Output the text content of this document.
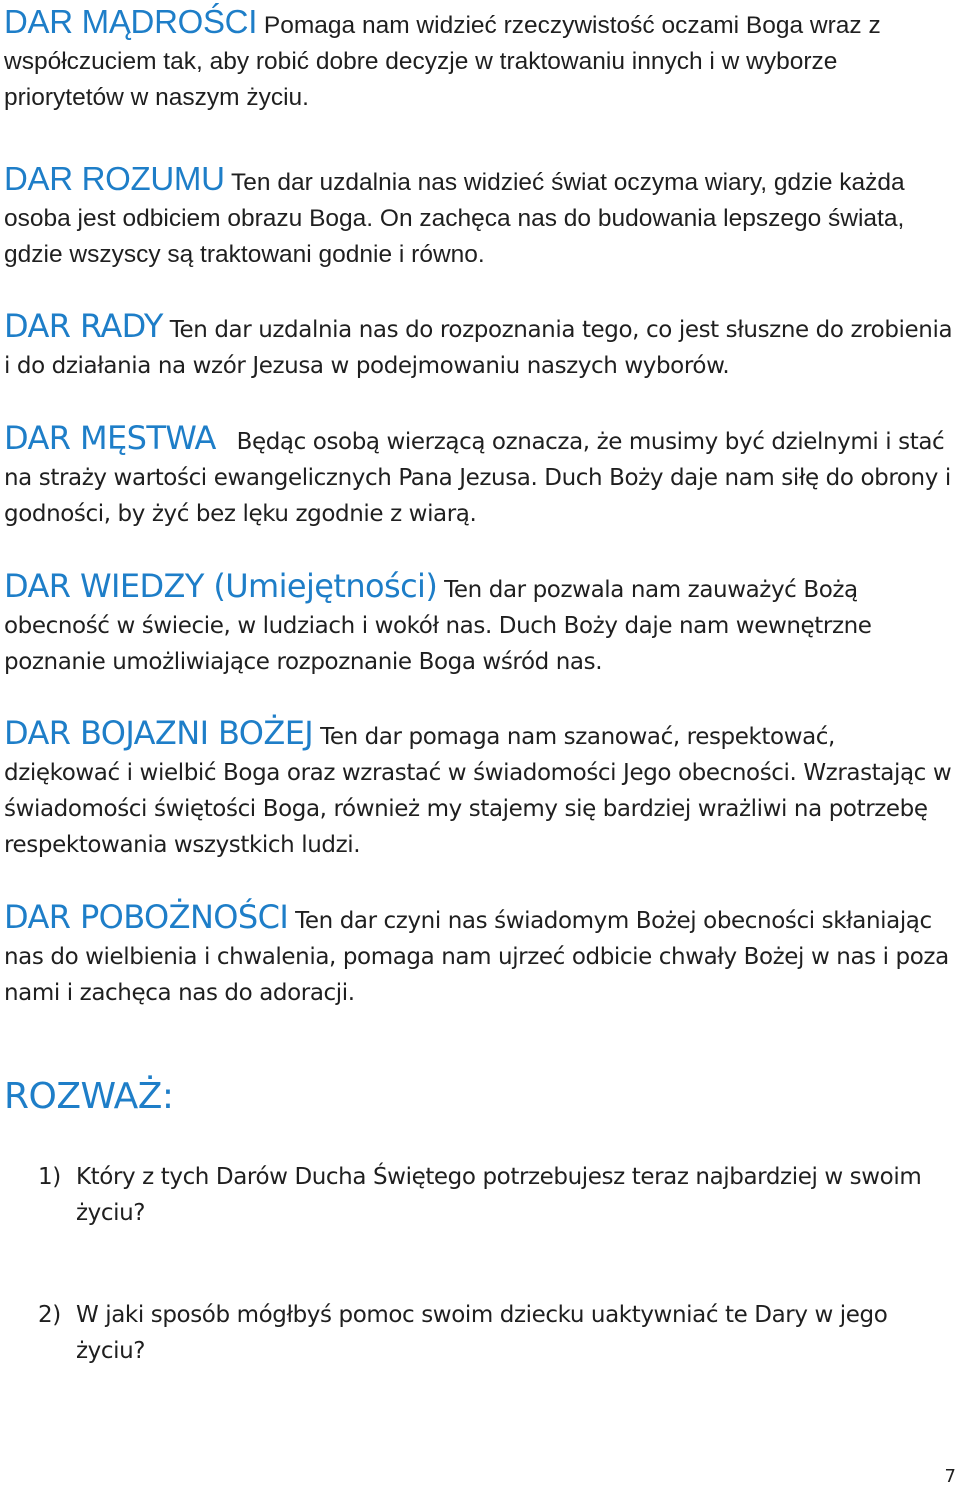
DAR MĄDROŚCI Pomaga nam widzieć rzeczywistość oczami Boga wraz z współczuciem tak, aby robić dobre decyzje w traktowaniu innych i w wyborze priorytetów w naszym życiu.

DAR ROZUMU Ten dar uzdalnia nas widzieć świat oczyma wiary, gdzie każda osoba jest odbiciem obrazu Boga. On zachęca nas do budowania lepszego świata, gdzie wszyscy są traktowani godnie i równo.

DAR RADY Ten dar uzdalnia nas do rozpoznania tego, co jest słuszne do zrobienia i do działania na wzór Jezusa w podejmowaniu naszych wyborów.

DAR MĘSTWA Będąc osobą wierzącą oznacza, że musimy być dzielnymi i stać na straży wartości ewangelicznych Pana Jezusa. Duch Boży daje nam siłę do obrony i godności, by żyć bez lęku zgodnie z wiarą.

DAR WIEDZY (Umiejętności) Ten dar pozwala nam zauważyć Bożą obecność w świecie, w ludziach i wokół nas. Duch Boży daje nam wewnętrzne poznanie umożliwiające rozpoznanie Boga wśród nas.

DAR BOJAZNI BOŻEJ Ten dar pomaga nam szanować, respektować, dziękować i wielbić Boga oraz wzrastać w świadomości Jego obecności. Wzrastając w świadomości świętości Boga, również my stajemy się bardziej wrażliwi na potrzebę respektowania wszystkich ludzi.

DAR POBOŻNOŚCI Ten dar czyni nas świadomym Bożej obecności skłaniając nas do wielbienia i chwalenia, pomaga nam ujrzeć odbicie chwały Bożej w nas i poza nami i zachęca nas do adoracji.

ROZWAŻ:
1) Który z tych Darów Ducha Świętego potrzebujesz teraz najbardziej w swoim życiu?
2) W jaki sposób mógłbyś pomoc swoim dziecku uaktywniać te Dary w jego życiu?
7
